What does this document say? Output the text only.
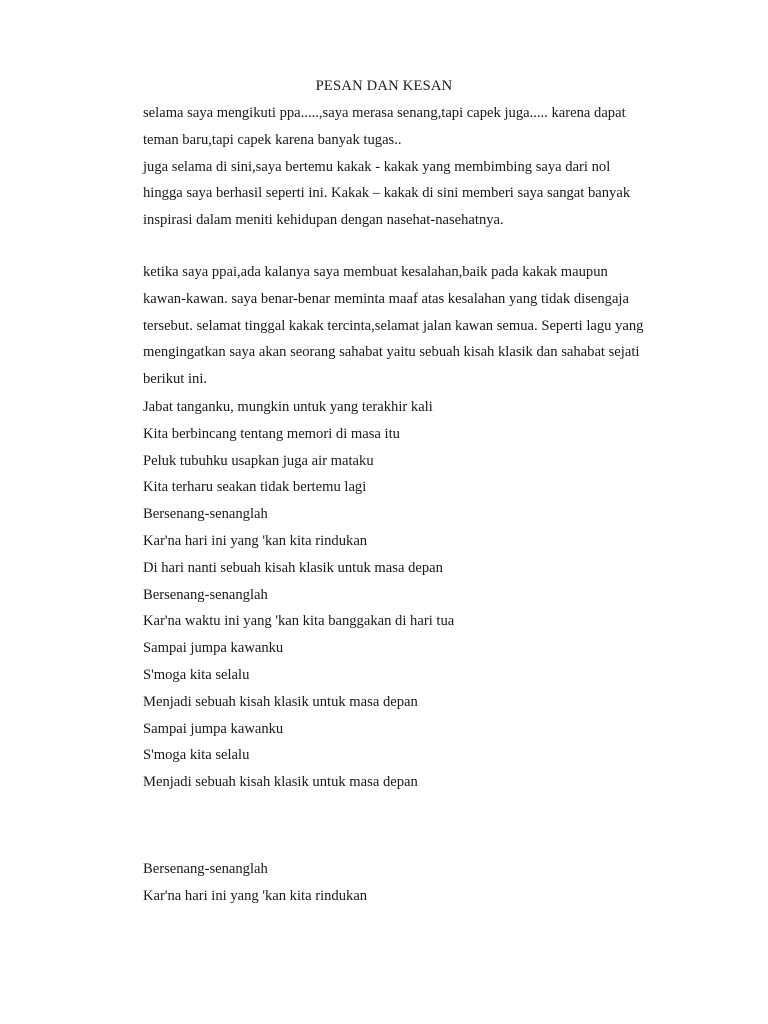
PESAN DAN KESAN
selama saya mengikuti ppa.....,saya merasa senang,tapi capek juga..... karena dapat
teman baru,tapi capek karena banyak tugas..
juga selama di sini,saya bertemu kakak - kakak yang membimbing saya dari nol
hingga saya berhasil seperti ini. Kakak – kakak di sini memberi saya sangat banyak
inspirasi dalam meniti kehidupan dengan nasehat-nasehatnya.
ketika saya ppai,ada kalanya saya membuat kesalahan,baik pada kakak maupun
kawan-kawan. saya benar-benar meminta maaf atas kesalahan yang tidak disengaja
tersebut. selamat tinggal kakak tercinta,selamat jalan kawan semua. Seperti lagu yang
mengingatkan saya akan seorang sahabat yaitu sebuah kisah klasik dan sahabat sejati
berikut ini.
Jabat tanganku, mungkin untuk yang terakhir kali
Kita berbincang tentang memori di masa itu
Peluk tubuhku usapkan juga air mataku
Kita terharu seakan tidak bertemu lagi
Bersenang-senanglah
Kar'na hari ini yang 'kan kita rindukan
Di hari nanti sebuah kisah klasik untuk masa depan
Bersenang-senanglah
Kar'na waktu ini yang 'kan kita banggakan di hari tua
Sampai jumpa kawanku
S'moga kita selalu
Menjadi sebuah kisah klasik untuk masa depan
Sampai jumpa kawanku
S'moga kita selalu
Menjadi sebuah kisah klasik untuk masa depan
Bersenang-senanglah
Kar'na hari ini yang 'kan kita rindukan
